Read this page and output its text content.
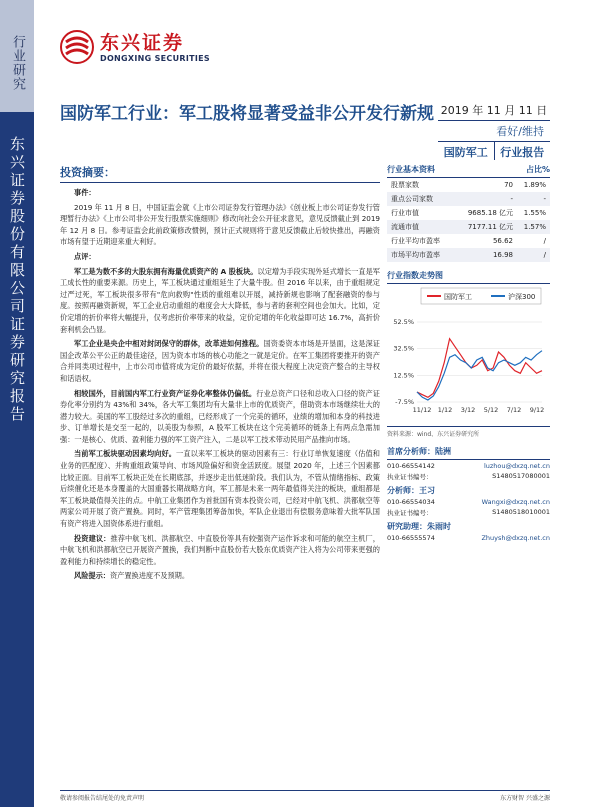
行业研究
东兴证券股份有限公司证券研究报告
东兴证券
DONGXING SECURITIES
国防军工行业：军工股将显著受益非公开发行新规 2019 年 11 月 11 日
看好/维持
国防军工	行业报告
投资摘要：
事件：

2019 年 11 月 8 日，中国证监会就《上市公司证券发行管理办法》《创业板上市公司证券发行管理暂行办法》《上市公司非公开发行股票实施细则》修改向社会公开征求意见，意见反馈截止到 2019 年 12 月 8 日。参考证监会此前政策修改惯例，预计正式规则将于意见反馈截止后较快推出，再融资市场有望于近期迎来重大利好。

点评：

军工是为数不多的大股东拥有海量优质资产的 A 股板块。以定增为手段实现外延式增长一直是军工成长性的重要来源。历史上，军工板块通过重组延生了大量牛股。但 2016 年以来，由于重组规定过严过死，军工板块很多带有"危向救购"性质的重组难以开展，减持新规也影响了配套融资的参与度。按照再融资新规，军工企业启动重组的难度会大大降低，参与者的套利空间也会加大。比如，定价定增的折价率将大幅提升，仅考虑折价率带来的收益，定价定增的年化收益即可达 16.7%，高折价套利机会凸显。

军工企业是央企中相对封闭保守的群体，改革进如何推程。国资委资本市场是开垦面，这是深证国企改革公平公正的最佳途径，因为资本市场的核心功能之一就是定价。在军工集团将要推开的资产合并同类项过程中，上市公司市值将成为定价的最好依据，并将在很大程度上决定资产整合的主导权和话语权。

相较国外，目前国内军工行业资产证券化率整体仍偏低。行业总资产口径和总收入口径的资产证券化率分别约为 43%和 34%，各大军工集团均有大量非上市的优质资产，借助资本市场继续壮大的潜力较大。美国的军工股经过多次的重组，已经形成了一个完美的循环，业绩的增加和本身的科技进步、订单增长是交至一起的，以美股为参照，A 股军工板块在这个完美循环的链条上有两点急需加强：一是核心、优质、盈利能力强的军工资产注入，二是以军工技术带动民用产品推向市场。

当前军工板块驱动因素均向好。一直以来军工板块的驱动因素有三：行业订单恢复速度（估值和业务的匹配度）、并购重组政策导向、市场风险偏好和资金活跃度。展望 2020 年，上述三个因素都比较正面。目前军工板块正处在长期底部，并逐步走出低迷阶段。我们认为，不管从情绪指标、政策后续催化还是本身覆盖的大国重器长期战略方向，军工都是未来一两年最值得关注的板块，重组都是军工板块最值得关注的点。中航工业集团作为首批国有资本投资公司，已经对中航飞机、洪都航空等两家公司开展了资产置换。同时，军产管理集团筹备加快，军队企业退出有偿服务意味着大批军队国有资产将进入国资体系进行重组。

投资建议：推荐中航飞机、洪都航空、中直股份等具有较强资产运作诉求和可能的航空主机厂，中航飞机和洪都航空已开展资产置换，我们判断中直股份若大股东优质资产注入将为公司带来更强的盈利能力和持续增长的稳定性。

风险提示：资产置换进度不及预期。

行业基本资料	占比%
股票家数	70	1.89%
重点公司家数	-	-
行业市值	9685.18 亿元	1.55%
流通市值	7177.11 亿元	1.57%
行业平均市盈率	56.62	/
市场平均市盈率	16.98	/
行业指数走势图
国防军工	沪深300
52.5%
32.5%
12.5%
-7.5%
11/12 1/12 3/12 5/12 7/12 9/12
资料来源：wind、东兴证券研究所
首席分析师：陆洲
010-66554142	luzhou@dxzq.net.cn
执业证书编号：	S1480517080001
分析师：王习
010-66554034	Wangxi@dxzq.net.cn
执业证书编号：	S1480518010001
研究助理：朱雨时
010-66555574	Zhuysh@dxzq.net.cn
敬请参阅报告结尾处的免责声明	东方财智 兴盛之源
